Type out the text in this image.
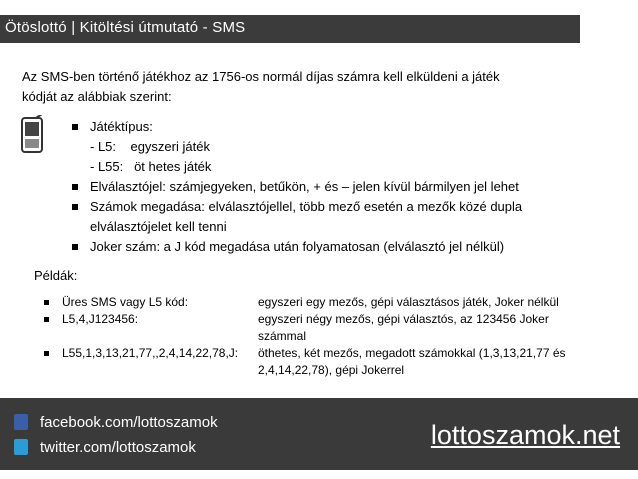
Ötöslottó | Kitöltési útmutató - SMS
Az SMS-ben történő játékhoz az 1756-os normál díjas számra kell elküldeni a játék
kódját az alábbiak szerint:
Játéktípus:
- L5:    egyszeri játék
- L55:   öt hetes játék
Elválasztójel: számjegyeken, betűkön, + és – jelen kívül bármilyen jel lehet
Számok megadása: elválasztójellel, több mező esetén a mezők közé dupla
elválasztójelet kell tenni
Joker szám: a J kód megadása után folyamatosan (elválasztó jel nélkül)
Példák:
Üres SMS vagy L5 kód:	egyszeri egy mezős, gépi választásos játék, Joker nélkül
L5,4,J123456:	egyszeri négy mezős, gépi választós, az 123456 Joker számmal
L55,1,3,13,21,77,,2,4,14,22,78,J: öthetes, két mezős, megadott számokkal (1,3,13,21,77 és 2,4,14,22,78), gépi Jokerrel
facebook.com/lottoszamok
twitter.com/lottoszamok	lottoszamok.net
